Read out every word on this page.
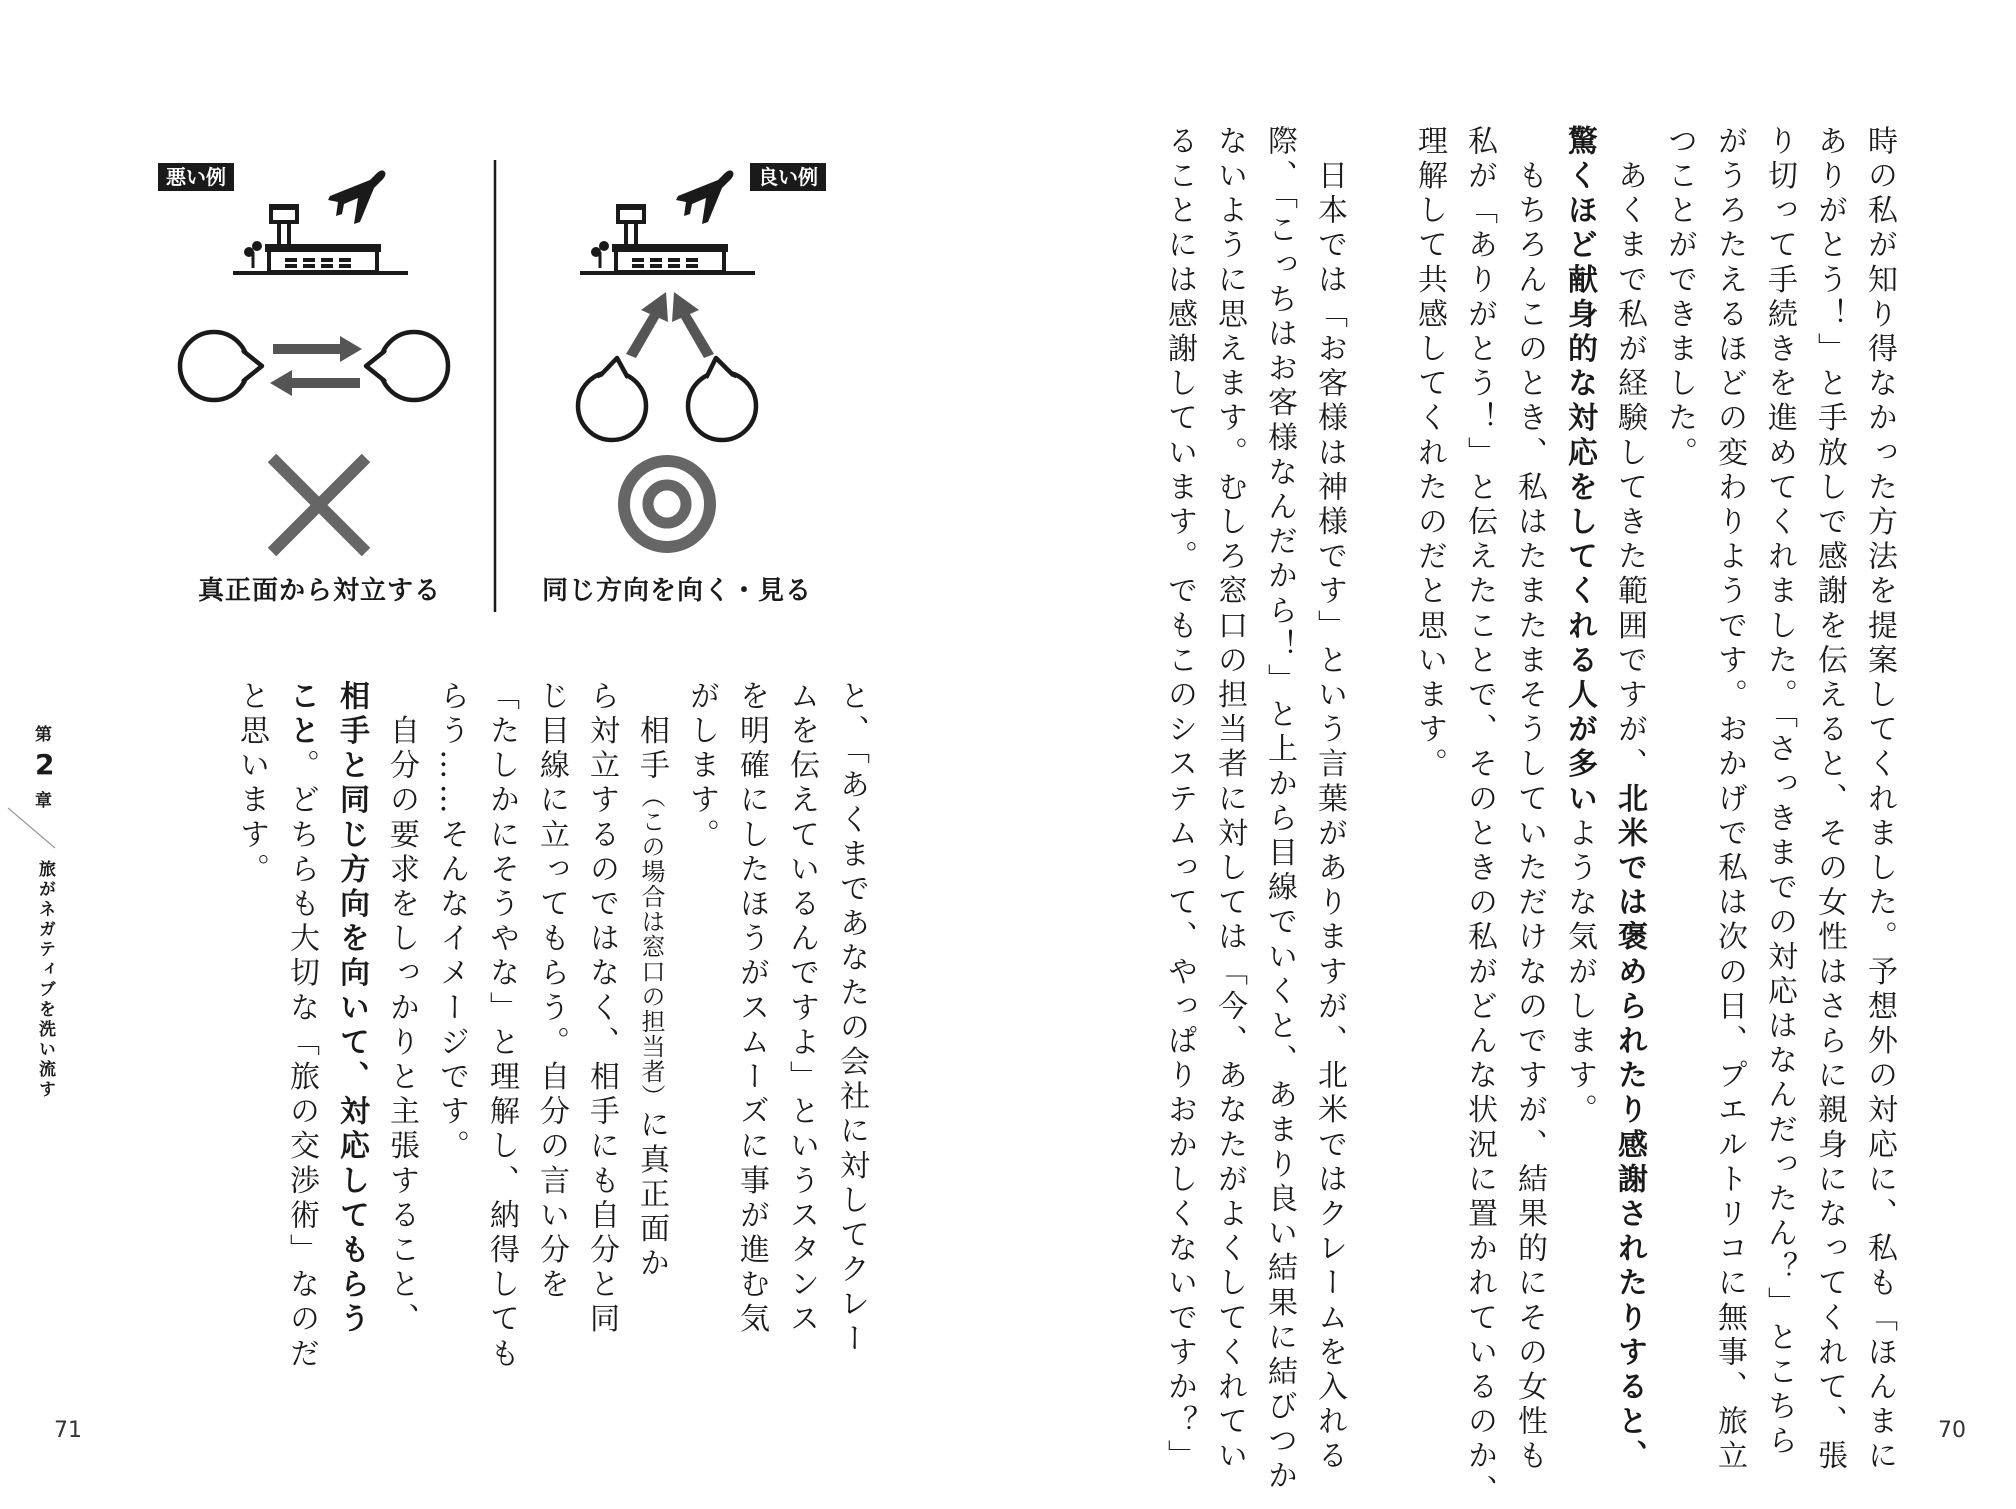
時の私が知り得なかった方法を提案してくれました。予想外の対応に、私も「ほんまに
ありがとう！」と手放しで感謝を伝えると、その女性はさらに親身になってくれて、張
り切って手続きを進めてくれました。「さっきまでの対応はなんだったん？」とこちら
がうろたえるほどの変わりようです。おかげで私は次の日、プエルトリコに無事、旅立
つことができました。
　あくまで私が経験してきた範囲ですが、北米では褒められたり感謝されたりすると、
驚くほど献身的な対応をしてくれる人が多いような気がします。
　もちろんこのとき、私はたまたまそうしていただけなのですが、結果的にその女性も
私が「ありがとう！」と伝えたことで、そのときの私がどんな状況に置かれているのか、
理解して共感してくれたのだと思います。
　日本では「お客様は神様です」という言葉がありますが、北米ではクレームを入れる
際、「こっちはお客様なんだから！」と上から目線でいくと、あまり良い結果に結びつか
ないように思えます。むしろ窓口の担当者に対しては「今、あなたがよくしてくれてい
ることには感謝しています。でもこのシステムって、やっぱりおかしくないですか？」	70
と、「あくまであなたの会社に対してクレー
ムを伝えているんですよ」というスタンス
を明確にしたほうがスムーズに事が進む気
がします。
　相手（この場合は窓口の担当者）に真正面か
ら対立するのではなく、相手にも自分と同
じ目線に立ってもらう。自分の言い分を
「たしかにそうやな」と理解し、納得しても
らう……そんなイメージです。
　自分の要求をしっかりと主張すること、
相手と同じ方向を向いて、対応してもらう
こと。どちらも大切な「旅の交渉術」なのだ
と思います。
71
第
2
章
旅がネガティブを洗い流す
悪い例	良い例
真正面から対立する	同じ方向を向く・見る
